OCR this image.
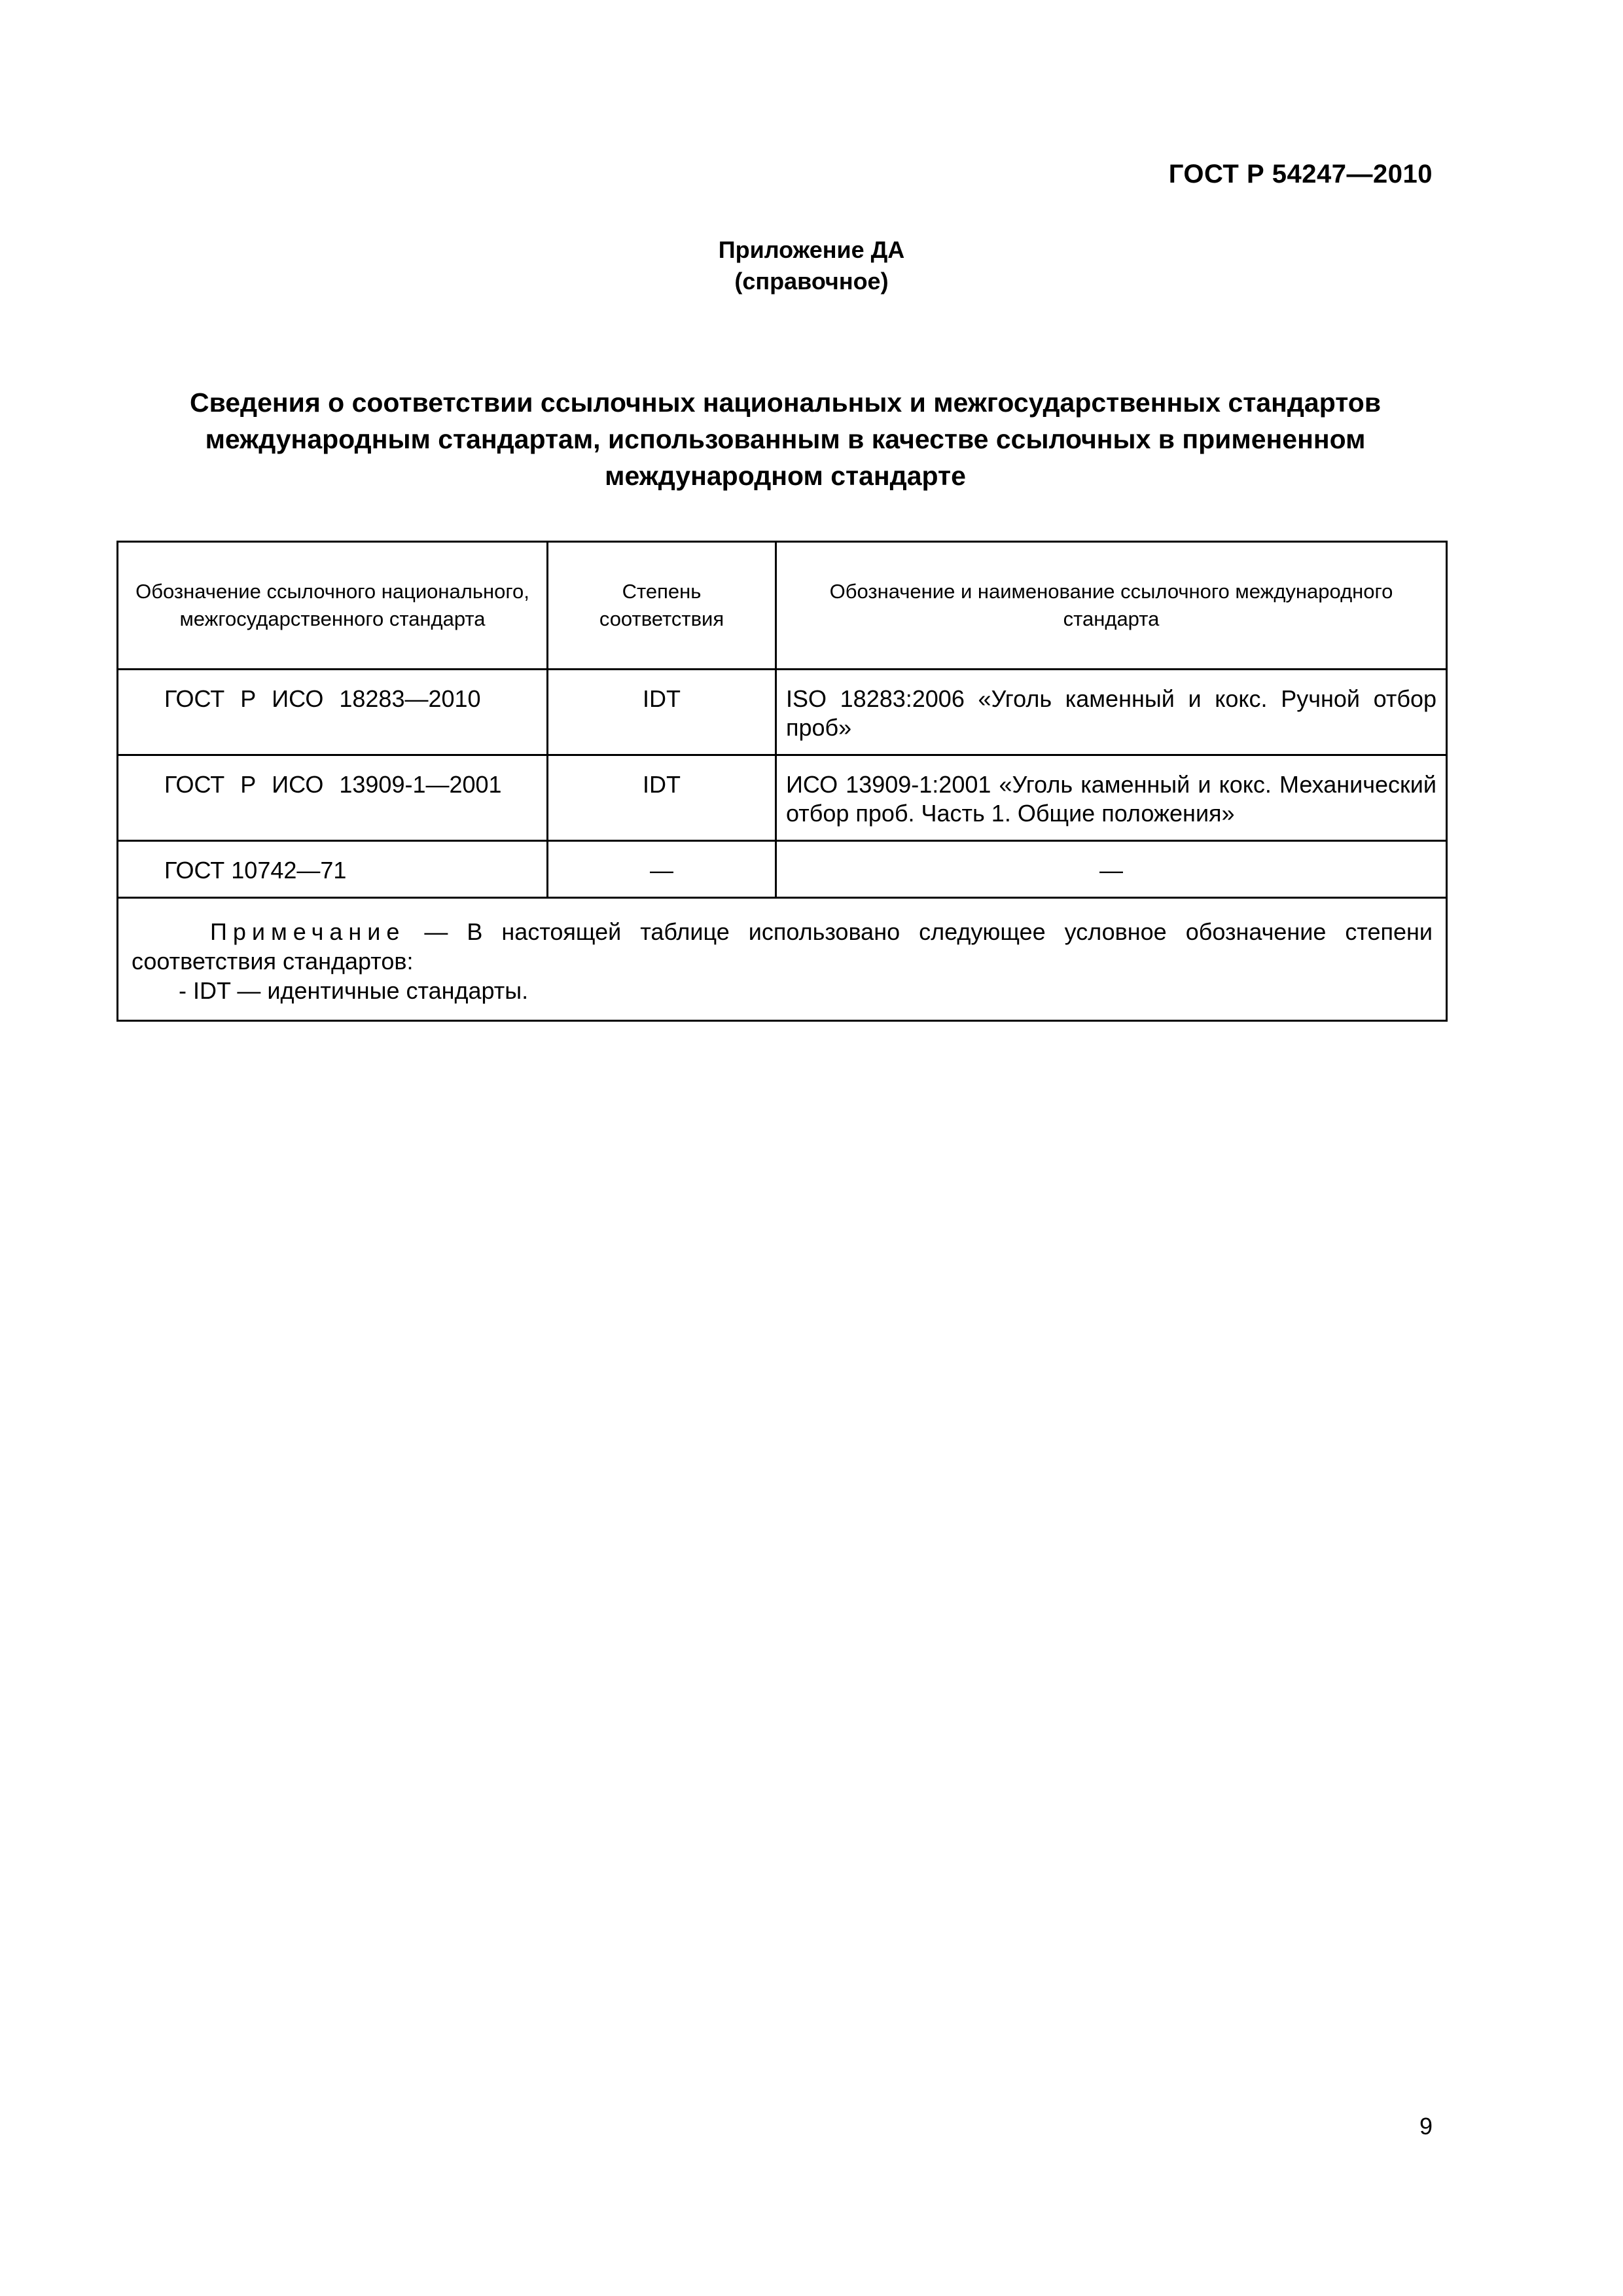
ГОСТ Р 54247—2010
Приложение ДА
(справочное)
Сведения о соответствии ссылочных национальных и межгосударственных стандартов
международным стандартам, использованным в качестве ссылочных в примененном
международном стандарте
Обозначение ссылочного национального, межгосударственного стандарта	Степень соответствия	Обозначение и наименование ссылочного международного стандарта
ГОСТ Р ИСО 18283—2010	IDT	ISO 18283:2006 «Уголь каменный и кокс. Ручной отбор проб»
ГОСТ Р ИСО 13909-1—2001	IDT	ИСО 13909-1:2001 «Уголь каменный и кокс. Механический отбор проб. Часть 1. Общие положения»
ГОСТ 10742—71	—	—

Примечание — В настоящей таблице использовано следующее условное обозначение степени соответствия стандартов:
- IDT — идентичные стандарты.		
9
